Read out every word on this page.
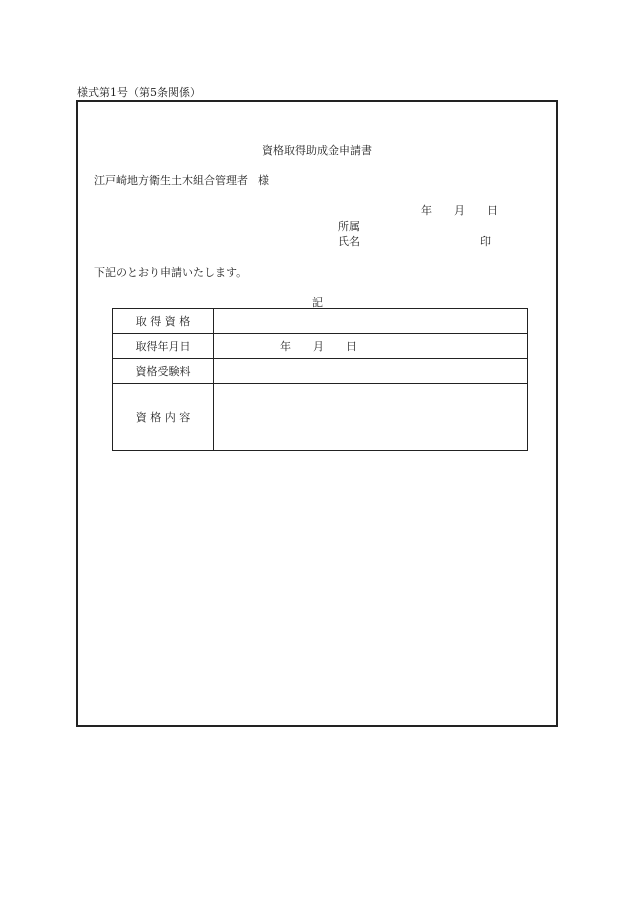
様式第1号（第5条関係）
資格取得助成金申請書
江戸崎地方衛生土木組合管理者 様
年　　月　　日
所属
氏名	印
下記のとおり申請いたします。
記
取 得 資 格	
取得年月日	年　　月　　日
資格受験料	
資 格 内 容	
